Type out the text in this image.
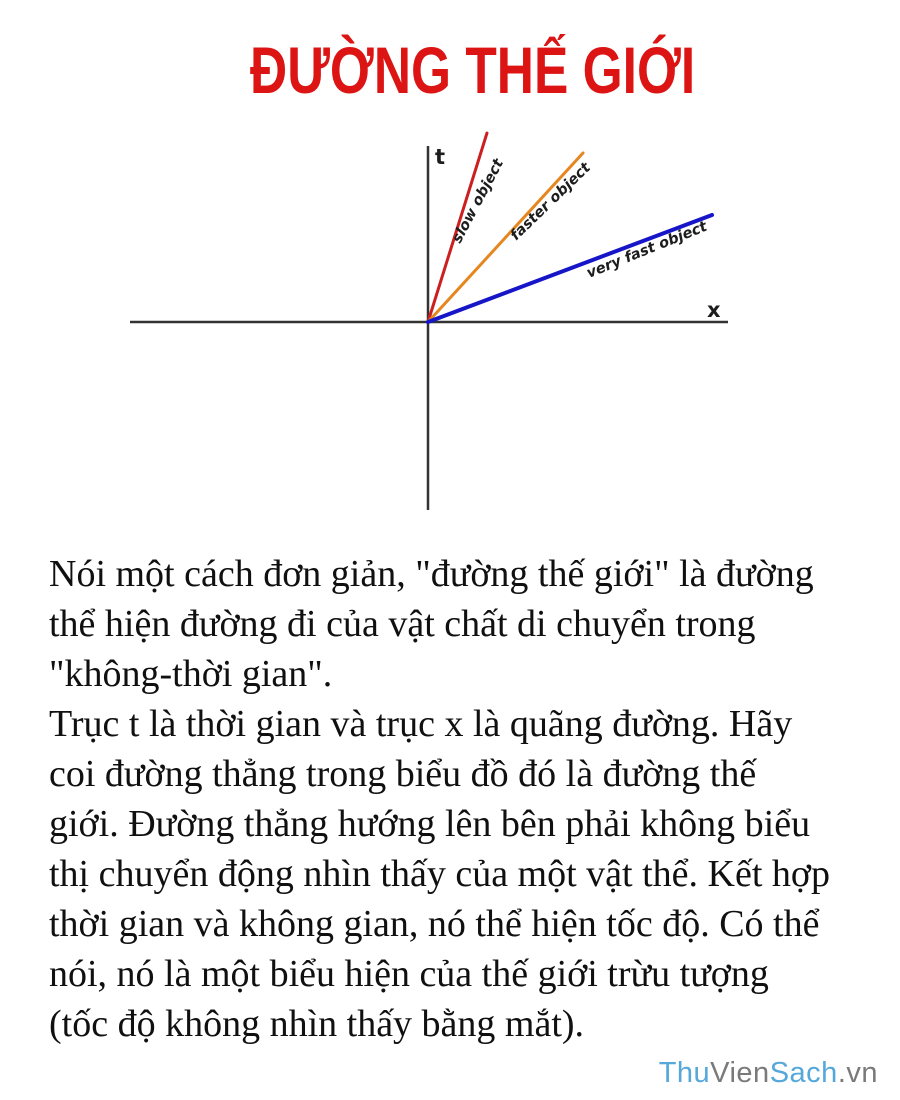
ĐƯỜNG THẾ GIỚI
t
x
slow object faster object
very fast object
Nói một cách đơn giản, "đường thế giới" là đường
thể hiện đường đi của vật chất di chuyển trong
"không-thời gian".
Trục t là thời gian và trục x là quãng đường. Hãy
coi đường thẳng trong biểu đồ đó là đường thế
giới. Đường thẳng hướng lên bên phải không biểu
thị chuyển động nhìn thấy của một vật thể. Kết hợp
thời gian và không gian, nó thể hiện tốc độ. Có thể
nói, nó là một biểu hiện của thế giới trừu tượng
(tốc độ không nhìn thấy bằng mắt).
ThuVienSach.vn
